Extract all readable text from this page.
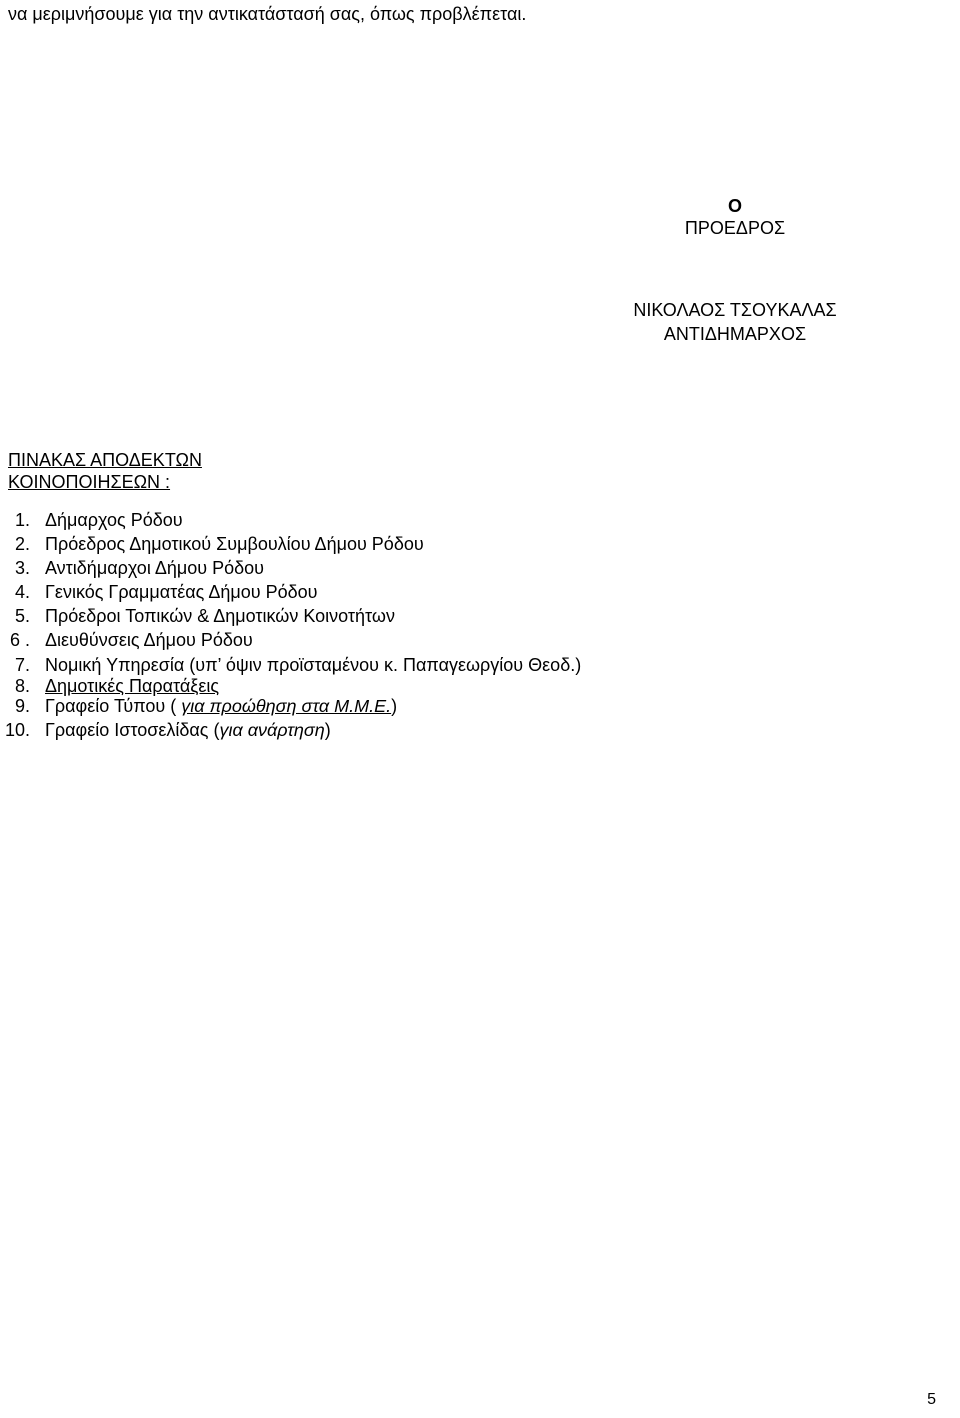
να μεριμνήσουμε για την αντικατάστασή σας, όπως προβλέπεται.
Ο
ΠΡΟΕΔΡΟΣ
ΝΙΚΟΛΑΟΣ ΤΣΟΥΚΑΛΑΣ
ΑΝΤΙΔΗΜΑΡΧΟΣ
ΠΙΝΑΚΑΣ ΑΠΟΔΕΚΤΩΝ
ΚΟΙΝΟΠΟΙΗΣΕΩΝ :
1. Δήμαρχος Ρόδου
2. Πρόεδρος Δημοτικού Συμβουλίου Δήμου Ρόδου
3. Αντιδήμαρχοι Δήμου Ρόδου
4. Γενικός Γραμματέας Δήμου Ρόδου
5. Πρόεδροι Τοπικών & Δημοτικών Κοινοτήτων
6 . Διευθύνσεις Δήμου Ρόδου
7. Νομική Υπηρεσία (υπ’ όψιν προϊσταμένου κ. Παπαγεωργίου Θεοδ.)
8. Δημοτικές Παρατάξεις
9. Γραφείο Τύπου ( για προώθηση στα Μ.Μ.Ε.)
10. Γραφείο Ιστοσελίδας (για ανάρτηση)
5
